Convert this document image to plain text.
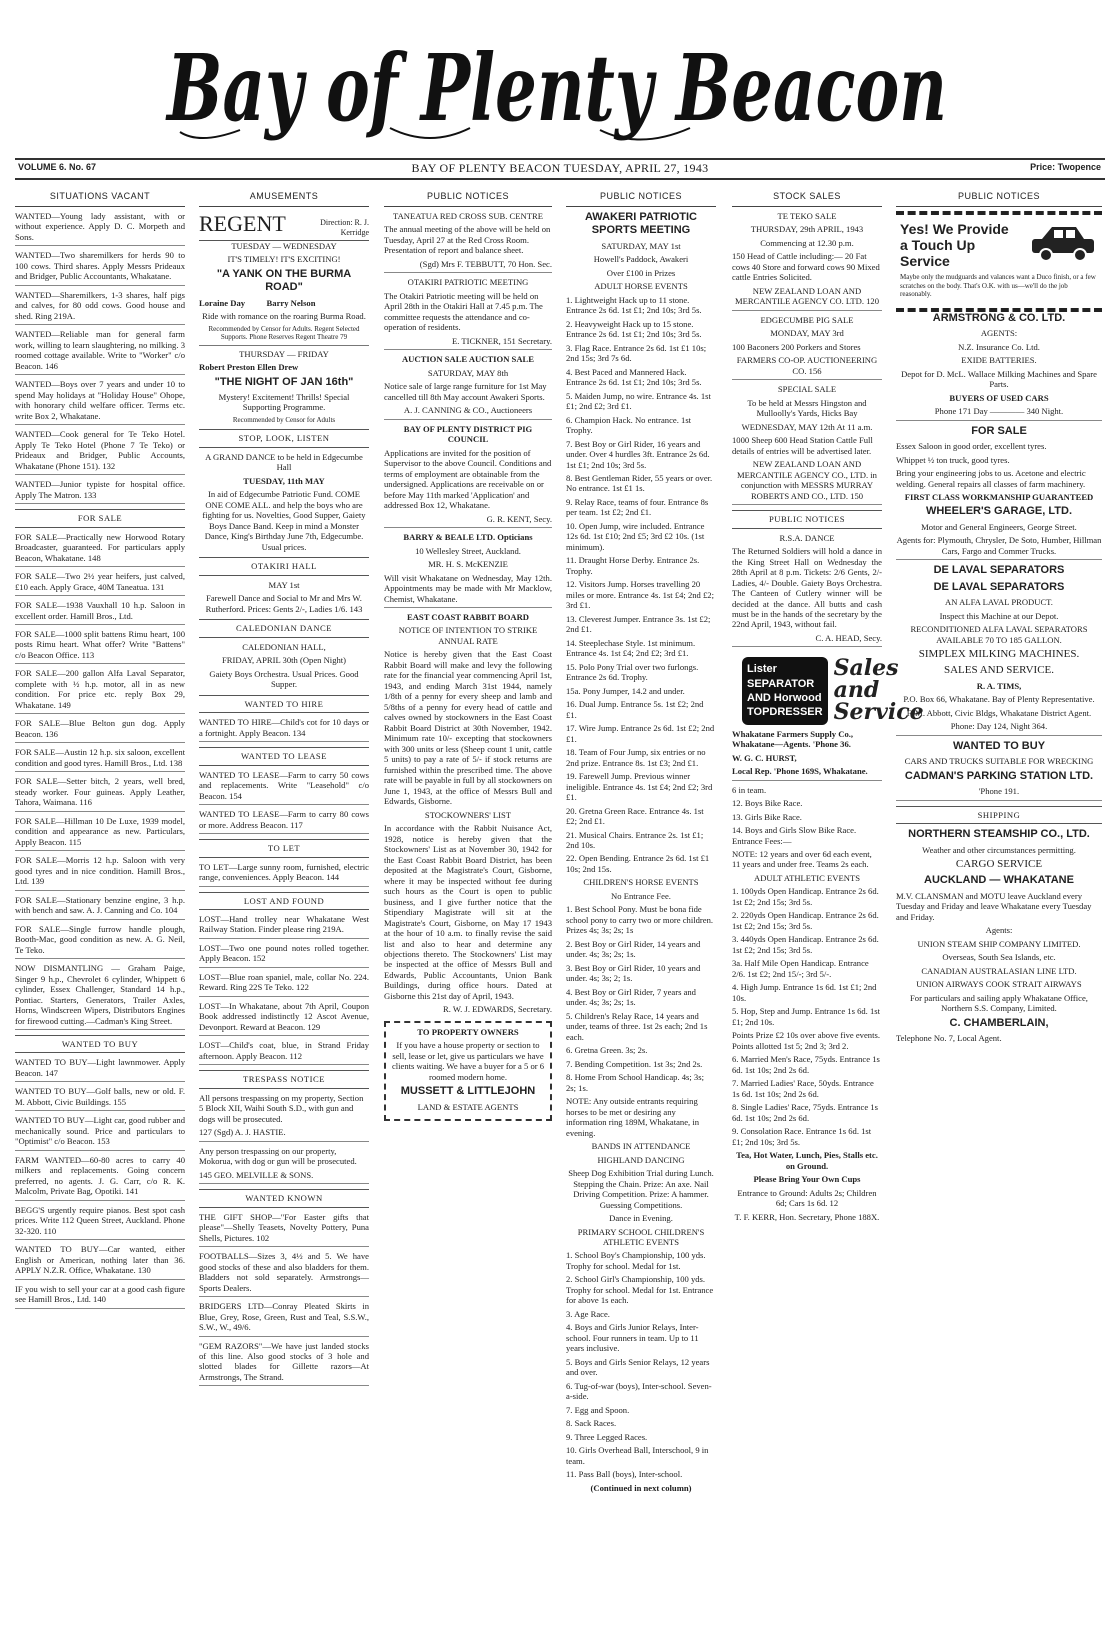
Bay of Plenty Beacon
VOLUME 6. No. 67	BAY OF PLENTY BEACON TUESDAY, APRIL 27, 1943	Price: Twopence
SITUATIONS VACANT

WANTED—Young lady assistant, with or without experience. Apply D. C. Morpeth and Sons.

WANTED—Two sharemilkers for herds 90 to 100 cows. Third shares. Apply Messrs Prideaux and Bridger, Public Accountants, Whakatane.

WANTED—Sharemilkers, 1-3 shares, half pigs and calves, for 80 odd cows. Good house and shed. Ring 219A.

WANTED—Reliable man for general farm work, willing to learn slaughtering, no milking. 3 roomed cottage available. Write to "Worker" c/o Beacon. 146

WANTED—Boys over 7 years and under 10 to spend May holidays at "Holiday House" Ohope, with honorary child welfare officer. Terms etc. write Box 2, Whakatane.

WANTED—Cook general for Te Teko Hotel. Apply Te Teko Hotel (Phone 7 Te Teko) or Prideaux and Bridger, Public Accounts, Whakatane (Phone 151). 132

WANTED—Junior typiste for hospital office. Apply The Matron. 133

FOR SALE

FOR SALE—Practically new Horwood Rotary Broadcaster, guaranteed. For particulars apply Beacon, Whakatane. 148

FOR SALE—Two 2½ year heifers, just calved, £10 each. Apply Grace, 40M Taneatua. 131

FOR SALE—1938 Vauxhall 10 h.p. Saloon in excellent order. Hamill Bros., Ltd.

FOR SALE—1000 split battens Rimu heart, 100 posts Rimu heart. What offer? Write "Battens" c/o Beacon Office. 113

FOR SALE—200 gallon Alfa Laval Separator, complete with ½ h.p. motor, all in as new condition. For price etc. reply Box 29, Whakatane. 149

FOR SALE—Blue Belton gun dog. Apply Beacon. 136

FOR SALE—Austin 12 h.p. six saloon, excellent condition and good tyres. Hamill Bros., Ltd. 138

FOR SALE—Setter bitch, 2 years, well bred, steady worker. Four guineas. Apply Leather, Tahora, Waimana. 116

FOR SALE—Hillman 10 De Luxe, 1939 model, condition and appearance as new. Particulars, Apply Beacon. 115

FOR SALE—Morris 12 h.p. Saloon with very good tyres and in nice condition. Hamill Bros., Ltd. 139

FOR SALE—Stationary benzine engine, 3 h.p. with bench and saw. A. J. Canning and Co. 104

FOR SALE—Single furrow handle plough, Booth-Mac, good condition as new. A. G. Neil, Te Teko.

NOW DISMANTLING — Graham Paige, Singer 9 h.p., Chevrolet 6 cylinder, Whippett 6 cylinder, Essex Challenger, Standard 14 h.p., Pontiac. Starters, Generators, Trailer Axles, Horns, Windscreen Wipers, Distributors Engines for firewood cutting.—Cadman's King Street.

WANTED TO BUY

WANTED TO BUY—Light lawnmower. Apply Beacon. 147

WANTED TO BUY—Golf balls, new or old. F. M. Abbott, Civic Buildings. 155

WANTED TO BUY—Light car, good rubber and mechanically sound. Price and particulars to "Optimist" c/o Beacon. 153

FARM WANTED—60-80 acres to carry 40 milkers and replacements. Going concern preferred, no agents. J. G. Carr, c/o R. K. Malcolm, Private Bag, Opotiki. 141

BEGG'S urgently require pianos. Best spot cash prices. Write 112 Queen Street, Auckland. Phone 32-320. 110

WANTED TO BUY—Car wanted, either English or American, nothing later than 36. APPLY N.Z.R. Office, Whakatane. 130

IF you wish to sell your car at a good cash figure see Hamill Bros., Ltd. 140

AMUSEMENTS
REGENT	Direction: R. J. Kerridge

TUESDAY — WEDNESDAY

IT'S TIMELY! IT'S EXCITING!

"A YANK ON THE BURMA ROAD"

Loraine Day          Barry Nelson

Ride with romance on the roaring Burma Road.

Recommended by Censor for Adults. Regent Selected Supports. Phone Reserves Regent Theatre 79

THURSDAY — FRIDAY

Robert Preston Ellen Drew

"THE NIGHT OF JAN 16th"

Mystery! Excitement! Thrills! Special Supporting Programme.

Recommended by Censor for Adults

STOP, LOOK, LISTEN

A GRAND DANCE to be held in Edgecumbe Hall

TUESDAY, 11th MAY

In aid of Edgecumbe Patriotic Fund. COME ONE COME ALL. and help the boys who are fighting for us. Novelties, Good Supper, Gaiety Boys Dance Band. Keep in mind a Monster Dance, King's Birthday June 7th, Edgecumbe. Usual prices.

OTAKIRI HALL

MAY 1st

Farewell Dance and Social to Mr and Mrs W. Rutherford. Prices: Gents 2/-, Ladies 1/6. 143

CALEDONIAN DANCE

CALEDONIAN HALL,

FRIDAY, APRIL 30th (Open Night)

Gaiety Boys Orchestra. Usual Prices. Good Supper.

WANTED TO HIRE

WANTED TO HIRE—Child's cot for 10 days or a fortnight. Apply Beacon. 134

WANTED TO LEASE

WANTED TO LEASE—Farm to carry 50 cows and replacements. Write "Leasehold" c/o Beacon. 154

WANTED TO LEASE—Farm to carry 80 cows or more. Address Beacon. 117

TO LET

TO LET—Large sunny room, furnished, electric range, conveniences. Apply Beacon. 144

LOST AND FOUND

LOST—Hand trolley near Whakatane West Railway Station. Finder please ring 219A.

LOST—Two one pound notes rolled together. Apply Beacon. 152

LOST—Blue roan spaniel, male, collar No. 224. Reward. Ring 22S Te Teko. 122

LOST—In Whakatane, about 7th April, Coupon Book addressed indistinctly 12 Ascot Avenue, Devonport. Reward at Beacon. 129

LOST—Child's coat, blue, in Strand Friday afternoon. Apply Beacon. 112

TRESPASS NOTICE

All persons trespassing on my property, Section 5 Block XII, Waihi South S.D., with gun and dogs will be prosecuted.

127 (Sgd) A. J. HASTIE.

Any person trespassing on our property, Mokorua, with dog or gun will be prosecuted.

145 GEO. MELVILLE & SONS.

WANTED KNOWN

THE GIFT SHOP—"For Easter gifts that please"—Shelly Teasets, Novelty Pottery, Puna Shells, Pictures. 102

FOOTBALLS—Sizes 3, 4½ and 5. We have good stocks of these and also bladders for them. Bladders not sold separately. Armstrongs—Sports Dealers.

BRIDGERS LTD—Conray Pleated Skirts in Blue, Grey, Rose, Green, Rust and Teal, S.S.W., S.W., W., 49/6.

"GEM RAZORS"—We have just landed stocks of this line. Also good stocks of 3 hole and slotted blades for Gillette razors—At Armstrongs, The Strand.

PUBLIC NOTICES

TANEATUA RED CROSS SUB. CENTRE

The annual meeting of the above will be held on Tuesday, April 27 at the Red Cross Room. Presentation of report and balance sheet.

(Sgd) Mrs F. TEBBUTT, 70 Hon. Sec.

OTAKIRI PATRIOTIC MEETING

The Otakiri Patriotic meeting will be held on April 28th in the Otakiri Hall at 7.45 p.m. The committee requests the attendance and co-operation of residents.

E. TICKNER, 151 Secretary.

AUCTION SALE AUCTION SALE

SATURDAY, MAY 8th

Notice sale of large range furniture for 1st May cancelled till 8th May account Awakeri Sports.

A. J. CANNING & CO., Auctioneers

BAY OF PLENTY DISTRICT PIG COUNCIL

Applications are invited for the position of Supervisor to the above Council. Conditions and terms of employment are obtainable from the undersigned. Applications are receivable on or before May 11th marked 'Application' and addressed Box 12, Whakatane.

G. R. KENT, Secy.

BARRY & BEALE LTD. Opticians

10 Wellesley Street, Auckland.

MR. H. S. McKENZIE

Will visit Whakatane on Wednesday, May 12th. Appointments may be made with Mr Macklow, Chemist, Whakatane.

EAST COAST RABBIT BOARD

NOTICE OF INTENTION TO STRIKE ANNUAL RATE

Notice is hereby given that the East Coast Rabbit Board will make and levy the following rate for the financial year commencing April 1st, 1943, and ending March 31st 1944, namely 1/8th of a penny for every sheep and lamb and 5/8ths of a penny for every head of cattle and calves owned by stockowners in the East Coast Rabbit Board District at 30th November, 1942. Minimum rate 10/- excepting that stockowners with 300 units or less (Sheep count 1 unit, cattle 5 units) to pay a rate of 5/- if stock returns are furnished within the prescribed time. The above rate will be payable in full by all stockowners on June 1, 1943, at the office of Messrs Bull and Edwards, Gisborne.

STOCKOWNERS' LIST

In accordance with the Rabbit Nuisance Act, 1928, notice is hereby given that the Stockowners' List as at November 30, 1942 for the East Coast Rabbit Board District, has been deposited at the Magistrate's Court, Gisborne, where it may be inspected without fee during such hours as the Court is open to public business, and I give further notice that the Stipendiary Magistrate will sit at the Magistrate's Court, Gisborne, on May 17 1943 at the hour of 10 a.m. to finally revise the said list and also to hear and determine any objections thereto. The Stockowners' List may be inspected at the office of Messrs Bull and Edwards, Public Accountants, Union Bank Buildings, during office hours. Dated at Gisborne this 21st day of April, 1943.

R. W. J. EDWARDS, Secretary.

TO PROPERTY OWNERS

If you have a house property or section to sell, lease or let, give us particulars we have clients waiting. We have a buyer for a 5 or 6 roomed modern home.

MUSSETT & LITTLEJOHN

LAND & ESTATE AGENTS

PUBLIC NOTICES

AWAKERI PATRIOTIC SPORTS MEETING

SATURDAY, MAY 1st

Howell's Paddock, Awakeri

Over £100 in Prizes

ADULT HORSE EVENTS

1. Lightweight Hack up to 11 stone. Entrance 2s 6d. 1st £1; 2nd 10s; 3rd 5s.

2. Heavyweight Hack up to 15 stone. Entrance 2s 6d. 1st £1; 2nd 10s; 3rd 5s.

3. Flag Race. Entrance 2s 6d. 1st £1 10s; 2nd 15s; 3rd 7s 6d.

4. Best Paced and Mannered Hack. Entrance 2s 6d. 1st £1; 2nd 10s; 3rd 5s.

5. Maiden Jump, no wire. Entrance 4s. 1st £1; 2nd £2; 3rd £1.

6. Champion Hack. No entrance. 1st Trophy.

7. Best Boy or Girl Rider, 16 years and under. Over 4 hurdles 3ft. Entrance 2s 6d. 1st £1; 2nd 10s; 3rd 5s.

8. Best Gentleman Rider, 55 years or over. No entrance. 1st £1 1s.

9. Relay Race, teams of four. Entrance 8s per team. 1st £2; 2nd £1.

10. Open Jump, wire included. Entrance 12s 6d. 1st £10; 2nd £5; 3rd £2 10s. (1st minimum).

11. Draught Horse Derby. Entrance 2s. Trophy.

12. Visitors Jump. Horses travelling 20 miles or more. Entrance 4s. 1st £4; 2nd £2; 3rd £1.

13. Cleverest Jumper. Entrance 3s. 1st £2; 2nd £1.

14. Steeplechase Style. 1st minimum. Entrance 4s. 1st £4; 2nd £2; 3rd £1.

15. Polo Pony Trial over two furlongs. Entrance 2s 6d. Trophy.

15a. Pony Jumper, 14.2 and under.

16. Dual Jump. Entrance 5s. 1st £2; 2nd £1.

17. Wire Jump. Entrance 2s 6d. 1st £2; 2nd £1.

18. Team of Four Jump, six entries or no 2nd prize. Entrance 8s. 1st £3; 2nd £1.

19. Farewell Jump. Previous winner ineligible. Entrance 4s. 1st £4; 2nd £2; 3rd £1.

20. Gretna Green Race. Entrance 4s. 1st £2; 2nd £1.

21. Musical Chairs. Entrance 2s. 1st £1; 2nd 10s.

22. Open Bending. Entrance 2s 6d. 1st £1 10s; 2nd 15s.

CHILDREN'S HORSE EVENTS

No Entrance Fee.

1. Best School Pony. Must be bona fide school pony to carry two or more children. Prizes 4s; 3s; 2s; 1s

2. Best Boy or Girl Rider, 14 years and under. 4s; 3s; 2s; 1s.

3. Best Boy or Girl Rider, 10 years and under. 4s; 3s; 2; 1s.

4. Best Boy or Girl Rider, 7 years and under. 4s; 3s; 2s; 1s.

5. Children's Relay Race, 14 years and under, teams of three. 1st 2s each; 2nd 1s each.

6. Gretna Green. 3s; 2s.

7. Bending Competition. 1st 3s; 2nd 2s.

8. Home From School Handicap. 4s; 3s; 2s; 1s.

NOTE: Any outside entrants requiring horses to be met or desiring any information ring 189M, Whakatane, in evening.

BANDS IN ATTENDANCE

HIGHLAND DANCING

Sheep Dog Exhibition Trial during Lunch. Stepping the Chain. Prize: An axe. Nail Driving Competition. Prize: A hammer. Guessing Competitions.

Dance in Evening.

PRIMARY SCHOOL CHILDREN'S ATHLETIC EVENTS

1. School Boy's Championship, 100 yds. Trophy for school. Medal for 1st.

2. School Girl's Championship, 100 yds. Trophy for school. Medal for 1st. Entrance for above 1s each.

3. Age Race.

4. Boys and Girls Junior Relays, Inter-school. Four runners in team. Up to 11 years inclusive.

5. Boys and Girls Senior Relays, 12 years and over.

6. Tug-of-war (boys), Inter-school. Seven-a-side.

7. Egg and Spoon.

8. Sack Races.

9. Three Legged Races.

10. Girls Overhead Ball, Interschool, 9 in team.

11. Pass Ball (boys), Inter-school.

(Continued in next column)

STOCK SALES

TE TEKO SALE

THURSDAY, 29th APRIL, 1943

Commencing at 12.30 p.m.

150 Head of Cattle including:— 20 Fat cows 40 Store and forward cows 90 Mixed cattle Entries Solicited.

NEW ZEALAND LOAN AND MERCANTILE AGENCY CO. LTD. 120

EDGECUMBE PIG SALE

MONDAY, MAY 3rd

100 Baconers 200 Porkers and Stores

FARMERS CO-OP. AUCTIONEERING CO. 156

SPECIAL SALE

To be held at Messrs Hingston and Mulloolly's Yards, Hicks Bay

WEDNESDAY, MAY 12th At 11 a.m.

1000 Sheep 600 Head Station Cattle Full details of entries will be advertised later.

NEW ZEALAND LOAN AND MERCANTILE AGENCY CO., LTD. in conjunction with MESSRS MURRAY ROBERTS AND CO., LTD. 150

PUBLIC NOTICES

R.S.A. DANCE

The Returned Soldiers will hold a dance in the King Street Hall on Wednesday the 28th April at 8 p.m. Tickets: 2/6 Gents, 2/- Ladies, 4/- Double. Gaiety Boys Orchestra. The Canteen of Cutlery winner will be decided at the dance. All butts and cash must be in the hands of the secretary by the 22nd April, 1943, without fail.

C. A. HEAD, Secy.

Lister SEPARATOR AND Horwood TOPDRESSER
Sales and Service

Whakatane Farmers Supply Co., Whakatane—Agents. 'Phone 36.

W. G. C. HURST,

Local Rep. 'Phone 169S, Whakatane.

6 in team.

12. Boys Bike Race.

13. Girls Bike Race.

14. Boys and Girls Slow Bike Race. Entrance Fees:—

NOTE: 12 years and over 6d each event, 11 years and under free. Teams 2s each.

ADULT ATHLETIC EVENTS

1. 100yds Open Handicap. Entrance 2s 6d. 1st £2; 2nd 15s; 3rd 5s.

2. 220yds Open Handicap. Entrance 2s 6d. 1st £2; 2nd 15s; 3rd 5s.

3. 440yds Open Handicap. Entrance 2s 6d. 1st £2; 2nd 15s; 3rd 5s.

3a. Half Mile Open Handicap. Entrance 2/6. 1st £2; 2nd 15/-; 3rd 5/-.

4. High Jump. Entrance 1s 6d. 1st £1; 2nd 10s.

5. Hop, Step and Jump. Entrance 1s 6d. 1st £1; 2nd 10s.

Points Prize £2 10s over above five events. Points allotted 1st 5; 2nd 3; 3rd 2.

6. Married Men's Race, 75yds. Entrance 1s 6d. 1st 10s; 2nd 2s 6d.

7. Married Ladies' Race, 50yds. Entrance 1s 6d. 1st 10s; 2nd 2s 6d.

8. Single Ladies' Race, 75yds. Entrance 1s 6d. 1st 10s; 2nd 2s 6d.

9. Consolation Race. Entrance 1s 6d. 1st £1; 2nd 10s; 3rd 5s.

Tea, Hot Water, Lunch, Pies, Stalls etc. on Ground.

Please Bring Your Own Cups

Entrance to Ground: Adults 2s; Children 6d; Cars 1s 6d. 12

T. F. KERR, Hon. Secretary, Phone 188X.

PUBLIC NOTICES
Yes! We Provide a Touch Up Service

Maybe only the mudguards and valances want a Duco finish, or a few scratches on the body. That's O.K. with us—we'll do the job reasonably.

ARMSTRONG & CO. LTD.

AGENTS:

N.Z. Insurance Co. Ltd.

EXIDE BATTERIES.

Depot for D. McL. Wallace Milking Machines and Spare Parts.

BUYERS OF USED CARS

Phone 171 Day ———— 340 Night.

FOR SALE

Essex Saloon in good order, excellent tyres.

Whippet ½ ton truck, good tyres.

Bring your engineering jobs to us. Acetone and electric welding. General repairs all classes of farm machinery.

FIRST CLASS WORKMANSHIP GUARANTEED

WHEELER'S GARAGE, LTD.

Motor and General Engineers, George Street.

Agents for: Plymouth, Chrysler, De Soto, Humber, Hillman Cars, Fargo and Commer Trucks.

DE LAVAL SEPARATORS

DE LAVAL SEPARATORS

AN ALFA LAVAL PRODUCT.

Inspect this Machine at our Depot.

RECONDITIONED ALFA LAVAL SEPARATORS AVAILABLE 70 TO 185 GALLON.

SIMPLEX MILKING MACHINES.

SALES AND SERVICE.

R. A. TIMS,

P.O. Box 66, Whakatane. Bay of Plenty Representative.

F. M. Abbott, Civic Bldgs, Whakatane District Agent.

Phone: Day 124, Night 364.

WANTED TO BUY

CARS AND TRUCKS SUITABLE FOR WRECKING

CADMAN'S PARKING STATION LTD.

'Phone 191.

SHIPPING

NORTHERN STEAMSHIP CO., LTD.

Weather and other circumstances permitting.

CARGO SERVICE

AUCKLAND — WHAKATANE

M.V. CLANSMAN and MOTU leave Auckland every Tuesday and Friday and leave Whakatane every Tuesday and Friday.

Agents:

UNION STEAM SHIP COMPANY LIMITED.

Overseas, South Sea Islands, etc.

CANADIAN AUSTRALASIAN LINE LTD.

UNION AIRWAYS COOK STRAIT AIRWAYS

For particulars and sailing apply Whakatane Office, Northern S.S. Company, Limited.

C. CHAMBERLAIN,

Telephone No. 7, Local Agent.
